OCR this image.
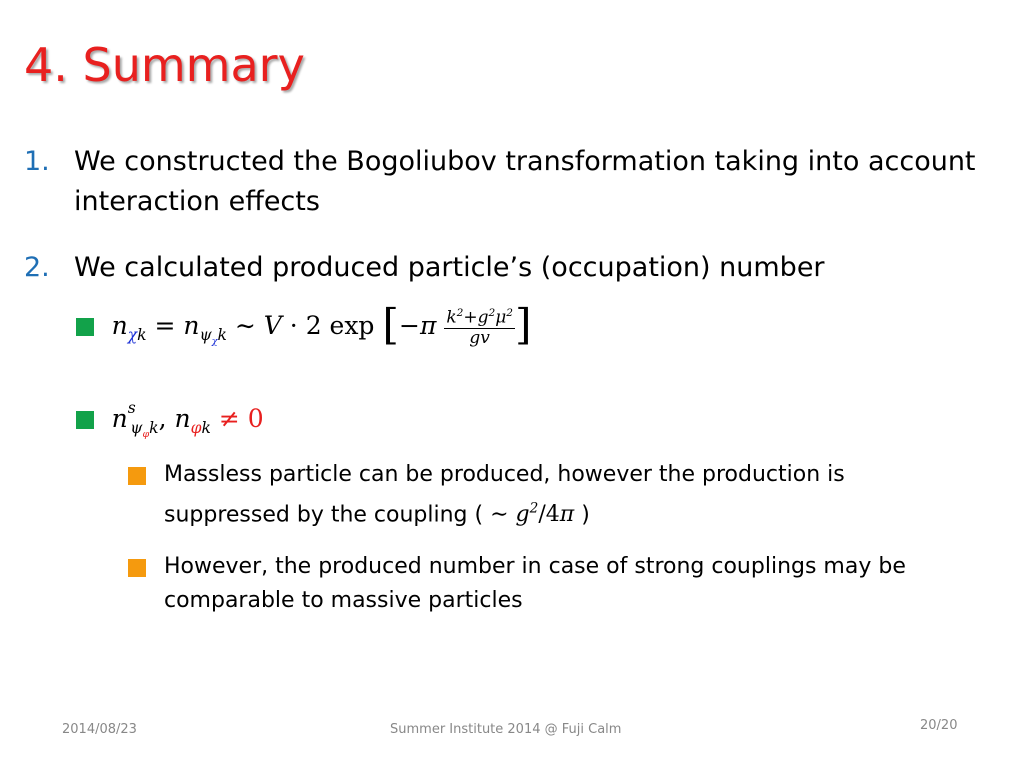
4. Summary
1. We constructed the Bogoliubov transformation taking into account interaction effects
2. We calculated produced particle’s (occupation) number
$n_{\chi k} = n_{\psi_\chi k}$ ∼ V · 2 $\exp [-\pi \frac{k^2+g^2\mu^2}{gv}$ ]
$n^s_{\psi_\varphi k}$, $n_{\varphi k} \ne 0$
Massless particle can be produced, however the production is suppressed by the coupling ( ∼ $g^2/4\pi$ )
However, the produced number in case of strong couplings may be comparable to massive particles
2014/08/23	Summer Institute 2014 @ Fuji Calm	20/20
